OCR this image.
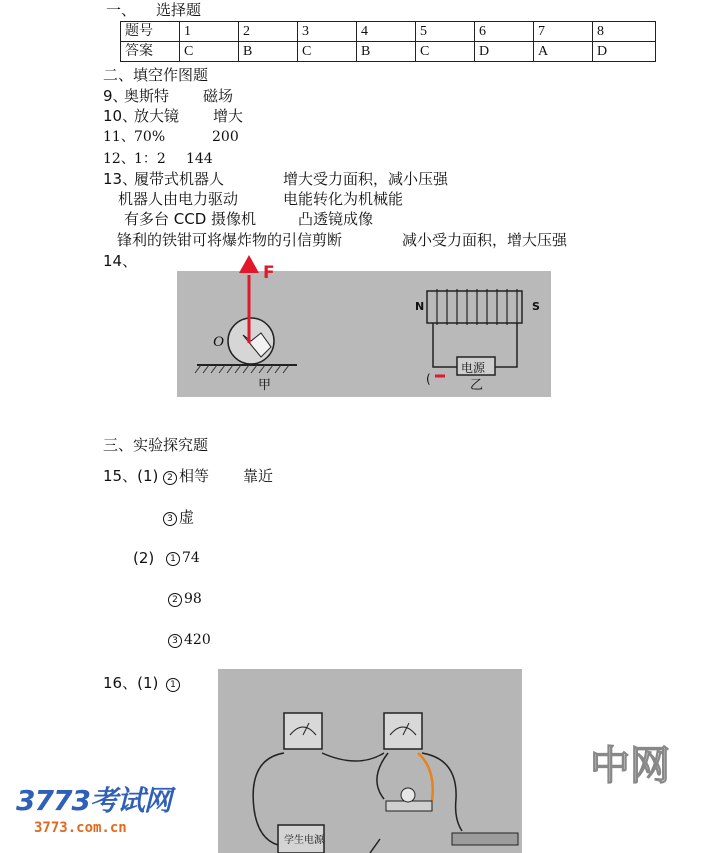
一、 选择题
题号	1	2	3	4	5	6	7	8
答案	C	B	C	B	C	D	A	D
二、填空作图题
9、
奥斯特 磁场
10、
放大镜 增大
11、 70%	200
12、 1：2 144
13、
履带式机器人	增大受力面积，减小压强
机器人由电力驱动	电能转化为机械能
有多台 CCD 摄像机	凸透镜成像
锋利的铁钳可将爆炸物的引信剪断	减小受力面积，增大压强
14、
F
O
甲
N	S
电源
(	乙
三、实验探究题
15、(1) 2 相等 靠近
3 虚
(2)	1 74
2 98
3 420
16、(1)	1
学生电源
3773考试网
3773.com.cn
中网
